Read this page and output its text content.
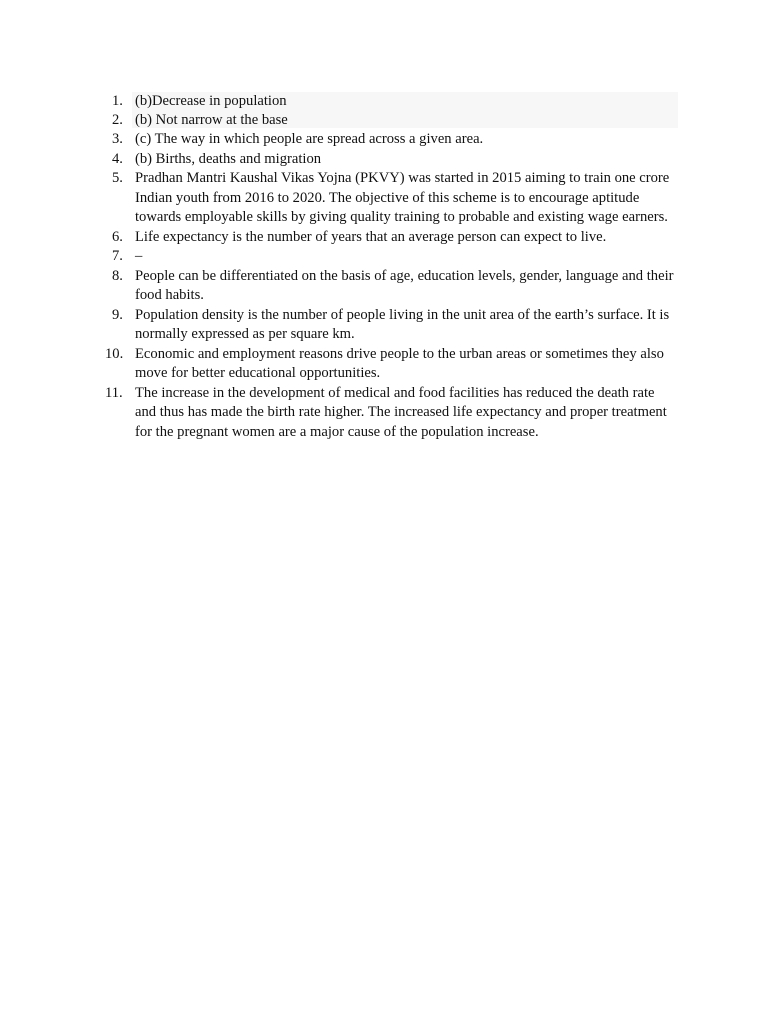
1. (b)Decrease in population
2. (b) Not narrow at the base
3. (c) The way in which people are spread across a given area.
4. (b) Births, deaths and migration
5. Pradhan Mantri Kaushal Vikas Yojna (PKVY) was started in 2015 aiming to train one crore Indian youth from 2016 to 2020. The objective of this scheme is to encourage aptitude towards employable skills by giving quality training to probable and existing wage earners.
6. Life expectancy is the number of years that an average person can expect to live.
7. –
8. People can be differentiated on the basis of age, education levels, gender, language and their food habits.
9. Population density is the number of people living in the unit area of the earth’s surface. It is normally expressed as per square km.
10. Economic and employment reasons drive people to the urban areas or sometimes they also move for better educational opportunities.
11. The increase in the development of medical and food facilities has reduced the death rate and thus has made the birth rate higher. The increased life expectancy and proper treatment for the pregnant women are a major cause of the population increase.
